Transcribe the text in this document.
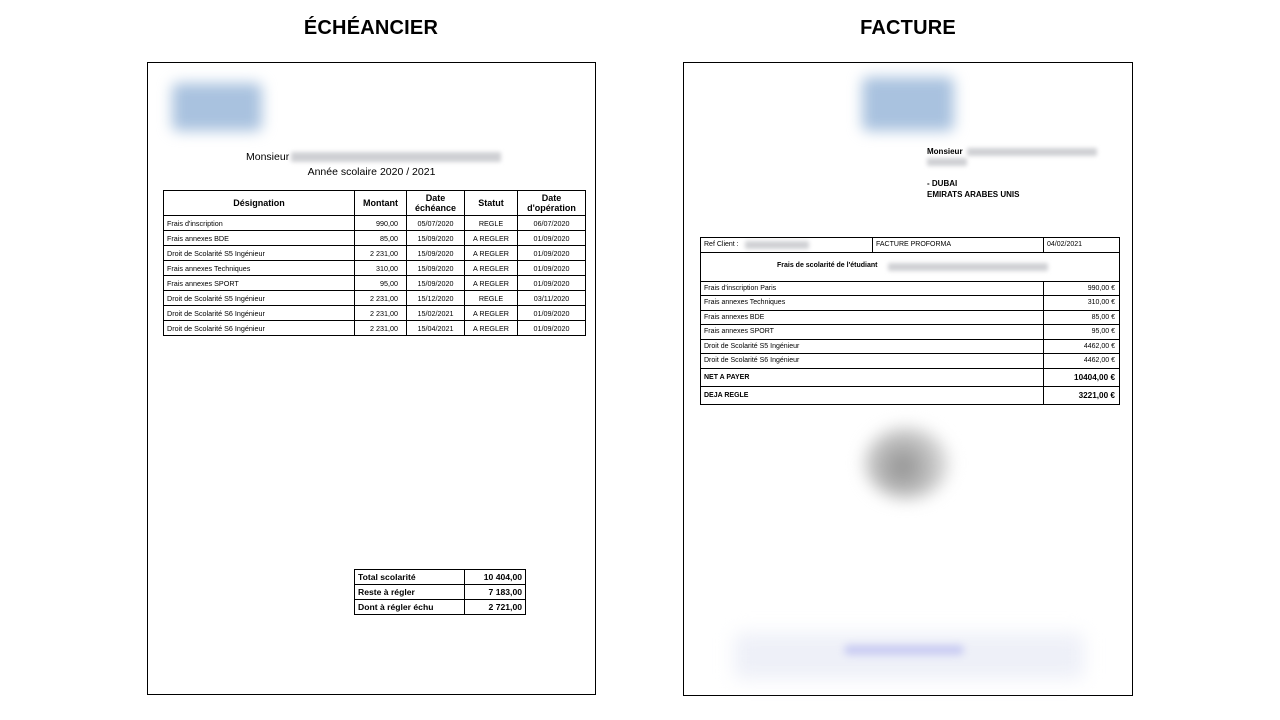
ÉCHÉANCIER	FACTURE
Monsieur
Année scolaire 2020 / 2021
Désignation	Montant	Date échéance	Statut	Date d'opération
Frais d'inscription	990,00	05/07/2020	REGLE	06/07/2020
Frais annexes BDE	85,00	15/09/2020	A REGLER	01/09/2020
Droit de Scolarité S5 Ingénieur	2 231,00	15/09/2020	A REGLER	01/09/2020
Frais annexes Techniques	310,00	15/09/2020	A REGLER	01/09/2020
Frais annexes SPORT	95,00	15/09/2020	A REGLER	01/09/2020
Droit de Scolarité S5 Ingénieur	2 231,00	15/12/2020	REGLE	03/11/2020
Droit de Scolarité S6 Ingénieur	2 231,00	15/02/2021	A REGLER	01/09/2020
Droit de Scolarité S6 Ingénieur	2 231,00	15/04/2021	A REGLER	01/09/2020
Total scolarité	10 404,00
Reste à régler	7 183,00
Dont à régler échu	2 721,00
Monsieur
- DUBAI
EMIRATS ARABES UNIS
Ref Client :	FACTURE PROFORMA	04/02/2021

Frais de scolarité de l'étudiant		

Frais d'inscription Paris		990,00 €
Frais annexes Techniques		310,00 €
Frais annexes BDE		85,00 €
Frais annexes SPORT		95,00 €
Droit de Scolarité S5 Ingénieur		4462,00 €
Droit de Scolarité S6 Ingénieur		4462,00 €
NET A PAYER		10404,00 €
DEJA REGLE		3221,00 €
